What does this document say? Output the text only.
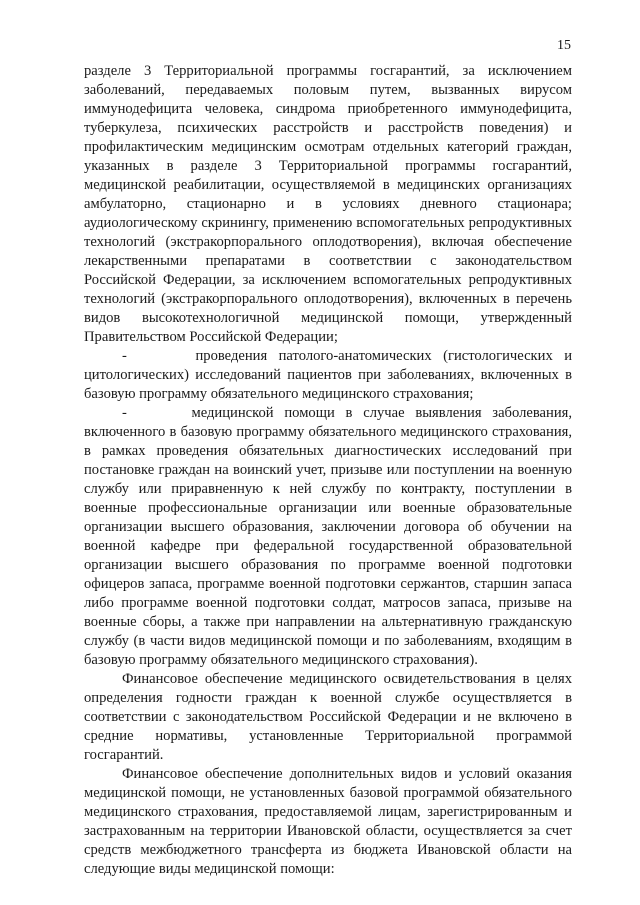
15

разделе 3 Территориальной программы госгарантий, за исключением заболеваний, передаваемых половым путем, вызванных вирусом иммунодефицита человека, синдрома приобретенного иммунодефицита, туберкулеза, психических расстройств и расстройств поведения) и профилактическим медицинским осмотрам отдельных категорий граждан, указанных в разделе 3 Территориальной программы госгарантий, медицинской реабилитации, осуществляемой в медицинских организациях амбулаторно, стационарно и в условиях дневного стационара; аудиологическому скринингу, применению вспомогательных репродуктивных технологий (экстракорпорального оплодотворения), включая обеспечение лекарственными препаратами в соответствии с законодательством Российской Федерации, за исключением вспомогательных репродуктивных технологий (экстракорпорального оплодотворения), включенных в перечень видов высокотехнологичной медицинской помощи, утвержденный Правительством Российской Федерации;

-      проведения патолого-анатомических (гистологических и цитологических) исследований пациентов при заболеваниях, включенных в базовую программу обязательного медицинского страхования;

-      медицинской помощи в случае выявления заболевания, включенного в базовую программу обязательного медицинского страхования, в рамках проведения обязательных диагностических исследований при постановке граждан на воинский учет, призыве или поступлении на военную службу или приравненную к ней службу по контракту, поступлении в военные профессиональные организации или военные образовательные организации высшего образования, заключении договора об обучении на военной кафедре при федеральной государственной образовательной организации высшего образования по программе военной подготовки офицеров запаса, программе военной подготовки сержантов, старшин запаса либо программе военной подготовки солдат, матросов запаса, призыве на военные сборы, а также при направлении на альтернативную гражданскую службу (в части видов медицинской помощи и по заболеваниям, входящим в базовую программу обязательного медицинского страхования).

Финансовое обеспечение медицинского освидетельствования в целях определения годности граждан к военной службе осуществляется в соответствии с законодательством Российской Федерации и не включено в средние нормативы, установленные Территориальной программой госгарантий.

Финансовое обеспечение дополнительных видов и условий оказания медицинской помощи, не установленных базовой программой обязательного медицинского страхования, предоставляемой лицам, зарегистрированным и застрахованным на территории Ивановской области, осуществляется за счет средств межбюджетного трансферта из бюджета Ивановской области на следующие виды медицинской помощи:
